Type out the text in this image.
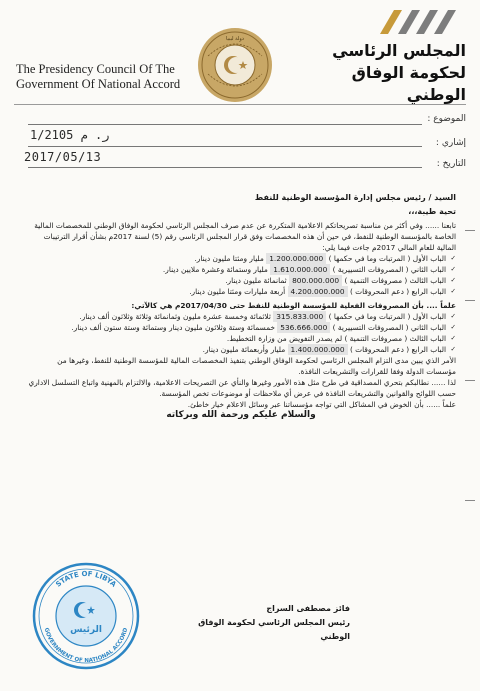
المجلس الرئاسي
لحكومة الوفاق الوطني
The Presidency Council Of The
Government Of National Accord
دولة ليبيا
الموضوع :
إشاري :
التاريخ :
1/2105 ر. م
2017/05/13

السيد / رئيس مجلس إدارة المؤسسة الوطنية للنفط

تحية طيبة،،،

تابعنا ...... وفي أكثر من مناسبة تصريحاتكم الاعلامية المتكررة عن عدم صرف المجلس الرئاسي لحكومة الوفاق الوطني للمخصصات المالية الخاصة بالمؤسسة الوطنية للنفط، في حين أن هذه المخصصات وفق قرار المجلس الرئاسي رقم (5) لسنة 2017م بشأن أقرار الترتيبات المالية للعام المالي 2017م جاءت فيما يلي:

✓ الباب الأول ( المرتبات وما في حكمها ) 1.200.000.000 مليار ومئتا مليون دينار.
✓ الباب الثاني ( المصروفات التسييرية ) 1.610.000.000 مليار وستمائة وعشرة ملايين دينار.
✓ الباب الثالث ( مصروفات التنمية ) 800.000.000 ثمانمائة مليون دينار.
✓ الباب الرابع ( دعم المحروقات ) 4.200.000.000 أربعة مليارات ومئتا مليون دينار.

علماً .... بأن المصروفات الفعلية للمؤسسة الوطنية للنفط حتى 2017/04/30م هي كالآتي:

✓ الباب الأول ( المرتبات وما في حكمها ) 315.833.000 ثلاثمائة وخمسة عشرة مليون وثمانمائة وثلاثة وثلاثون ألف دينار.
✓ الباب الثاني ( المصروفات التسييرية ) 536.666.000 خمسمائة وستة وثلاثون مليون دينار وستمائة وستة ستون ألف دينار.
✓ الباب الثالث ( مصروفات التنمية ) لم يصدر التفويض من وزارة التخطيط.
✓ الباب الرابع ( دعم المحروقات ) 1.400.000.000 مليار وأربعمائة مليون دينار.

الأمر الذي يبين مدى التزام المجلس الرئاسي لحكومة الوفاق الوطني بتنفيذ المخصصات المالية للمؤسسة الوطنية للنفط، وغيرها من مؤسسات الدولة وفقا للقرارات والتشريعات النافذة.

لذا ...... نطالبكم بتحري المصداقية في طرح مثل هذه الأمور وغيرها والنأي عن التصريحات الاعلامية، والالتزام بالمهنية واتباع التسلسل الاداري حسب اللوائح والقوانين والتشريعات النافذة في عرض أي ملاحظات أو موضوعات تخص المؤسسة.

علماً ...... بأن الخوض في المشاكل التي تواجه مؤسساتنا عبر وسائل الاعلام خيار خاطئ.

والسلام عليكم ورحمة الله وبركاته

فائز مصطفى السراج
رئيس المجلس الرئاسي لحكومة الوفاق الوطني
STATE OF LIBYA
GOVERNMENT OF NATIONAL ACCORD
الرئيس
